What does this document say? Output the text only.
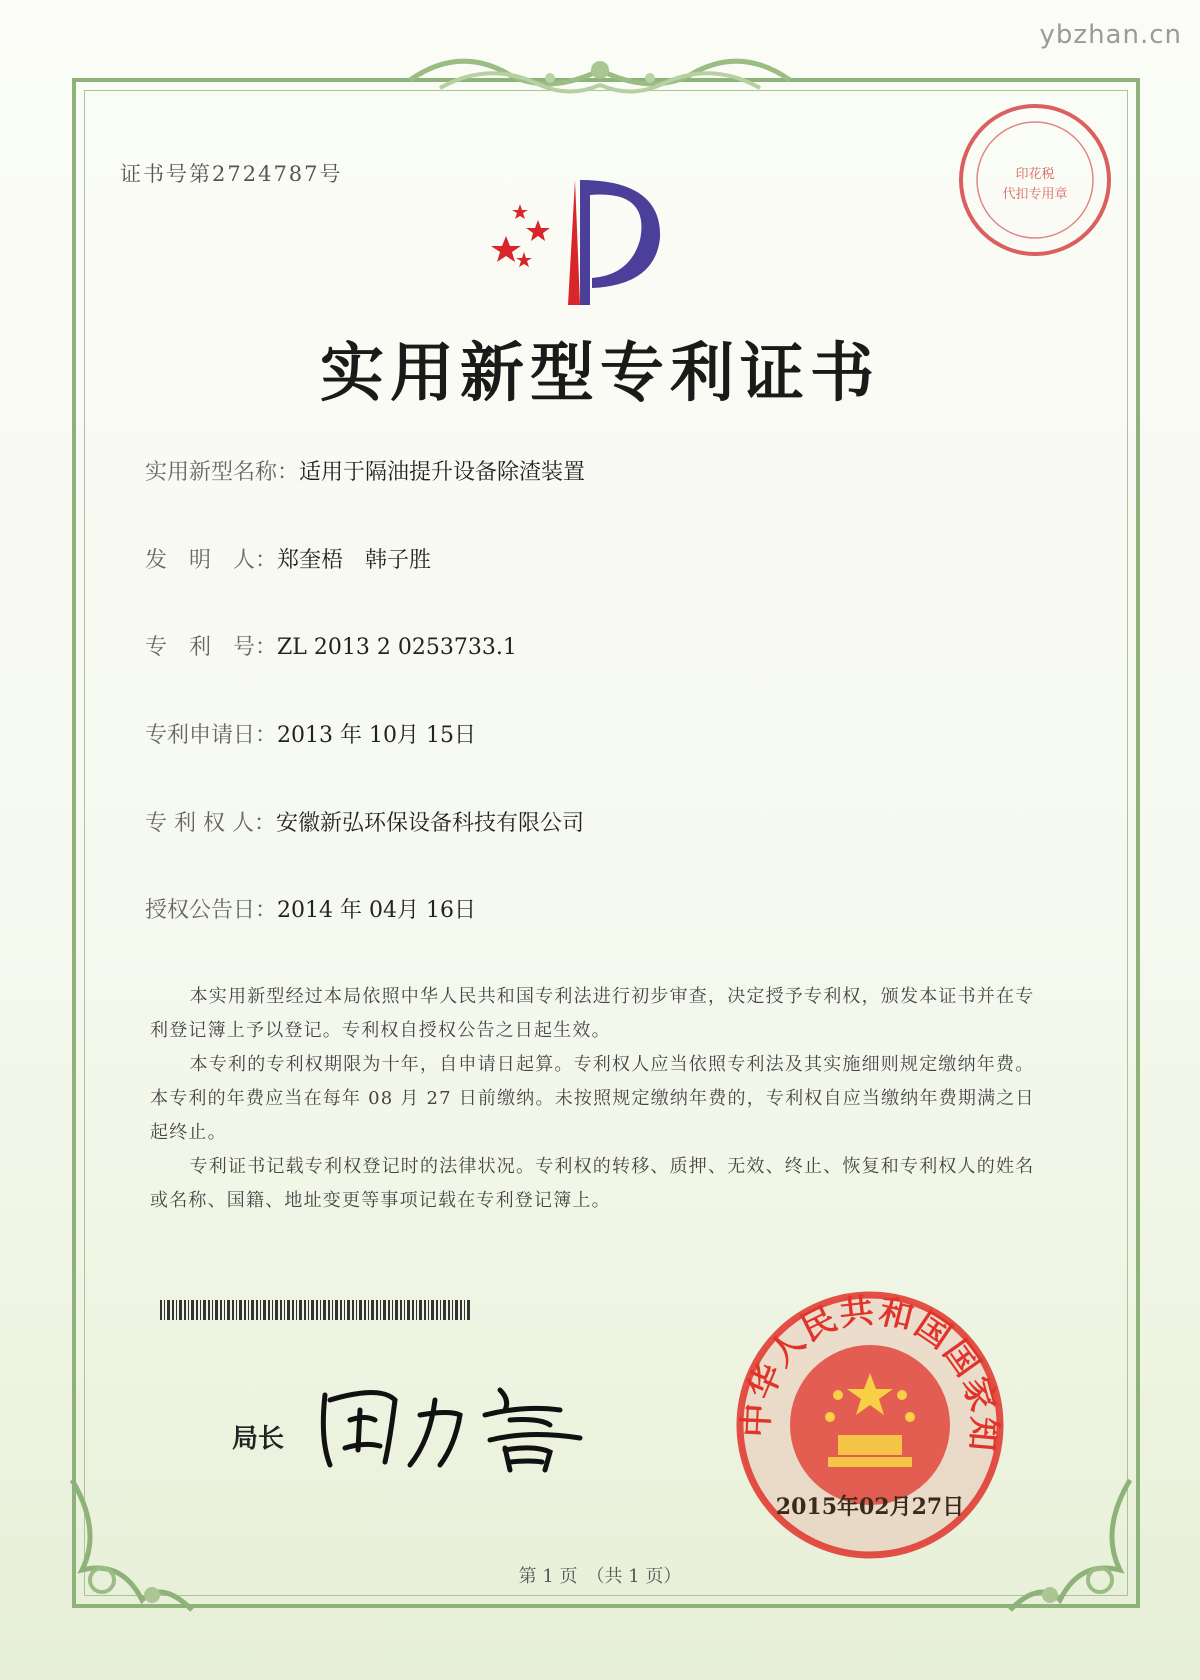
ybzhan.cn
证书号第2724787号	印花税
代扣专用章
实用新型专利证书
实用新型名称：适用于隔油提升设备除渣装置
发　明　人：郑奎梧　韩子胜
专　利　号：ZL 2013 2 0253733.1
专利申请日：2013 年 10月 15日
专 利 权 人：安徽新弘环保设备科技有限公司
授权公告日：2014 年 04月 16日

本实用新型经过本局依照中华人民共和国专利法进行初步审查，决定授予专利权，颁发本证书并在专利登记簿上予以登记。专利权自授权公告之日起生效。

本专利的专利权期限为十年，自申请日起算。专利权人应当依照专利法及其实施细则规定缴纳年费。本专利的年费应当在每年 08 月 27 日前缴纳。未按照规定缴纳年费的，专利权自应当缴纳年费期满之日起终止。

专利证书记载专利权登记时的法律状况。专利权的转移、质押、无效、终止、恢复和专利权人的姓名或名称、国籍、地址变更等事项记载在专利登记簿上。

局长
中华人民共和国国家知识产权局
2015年02月27日
第 1 页　（共 1 页）
